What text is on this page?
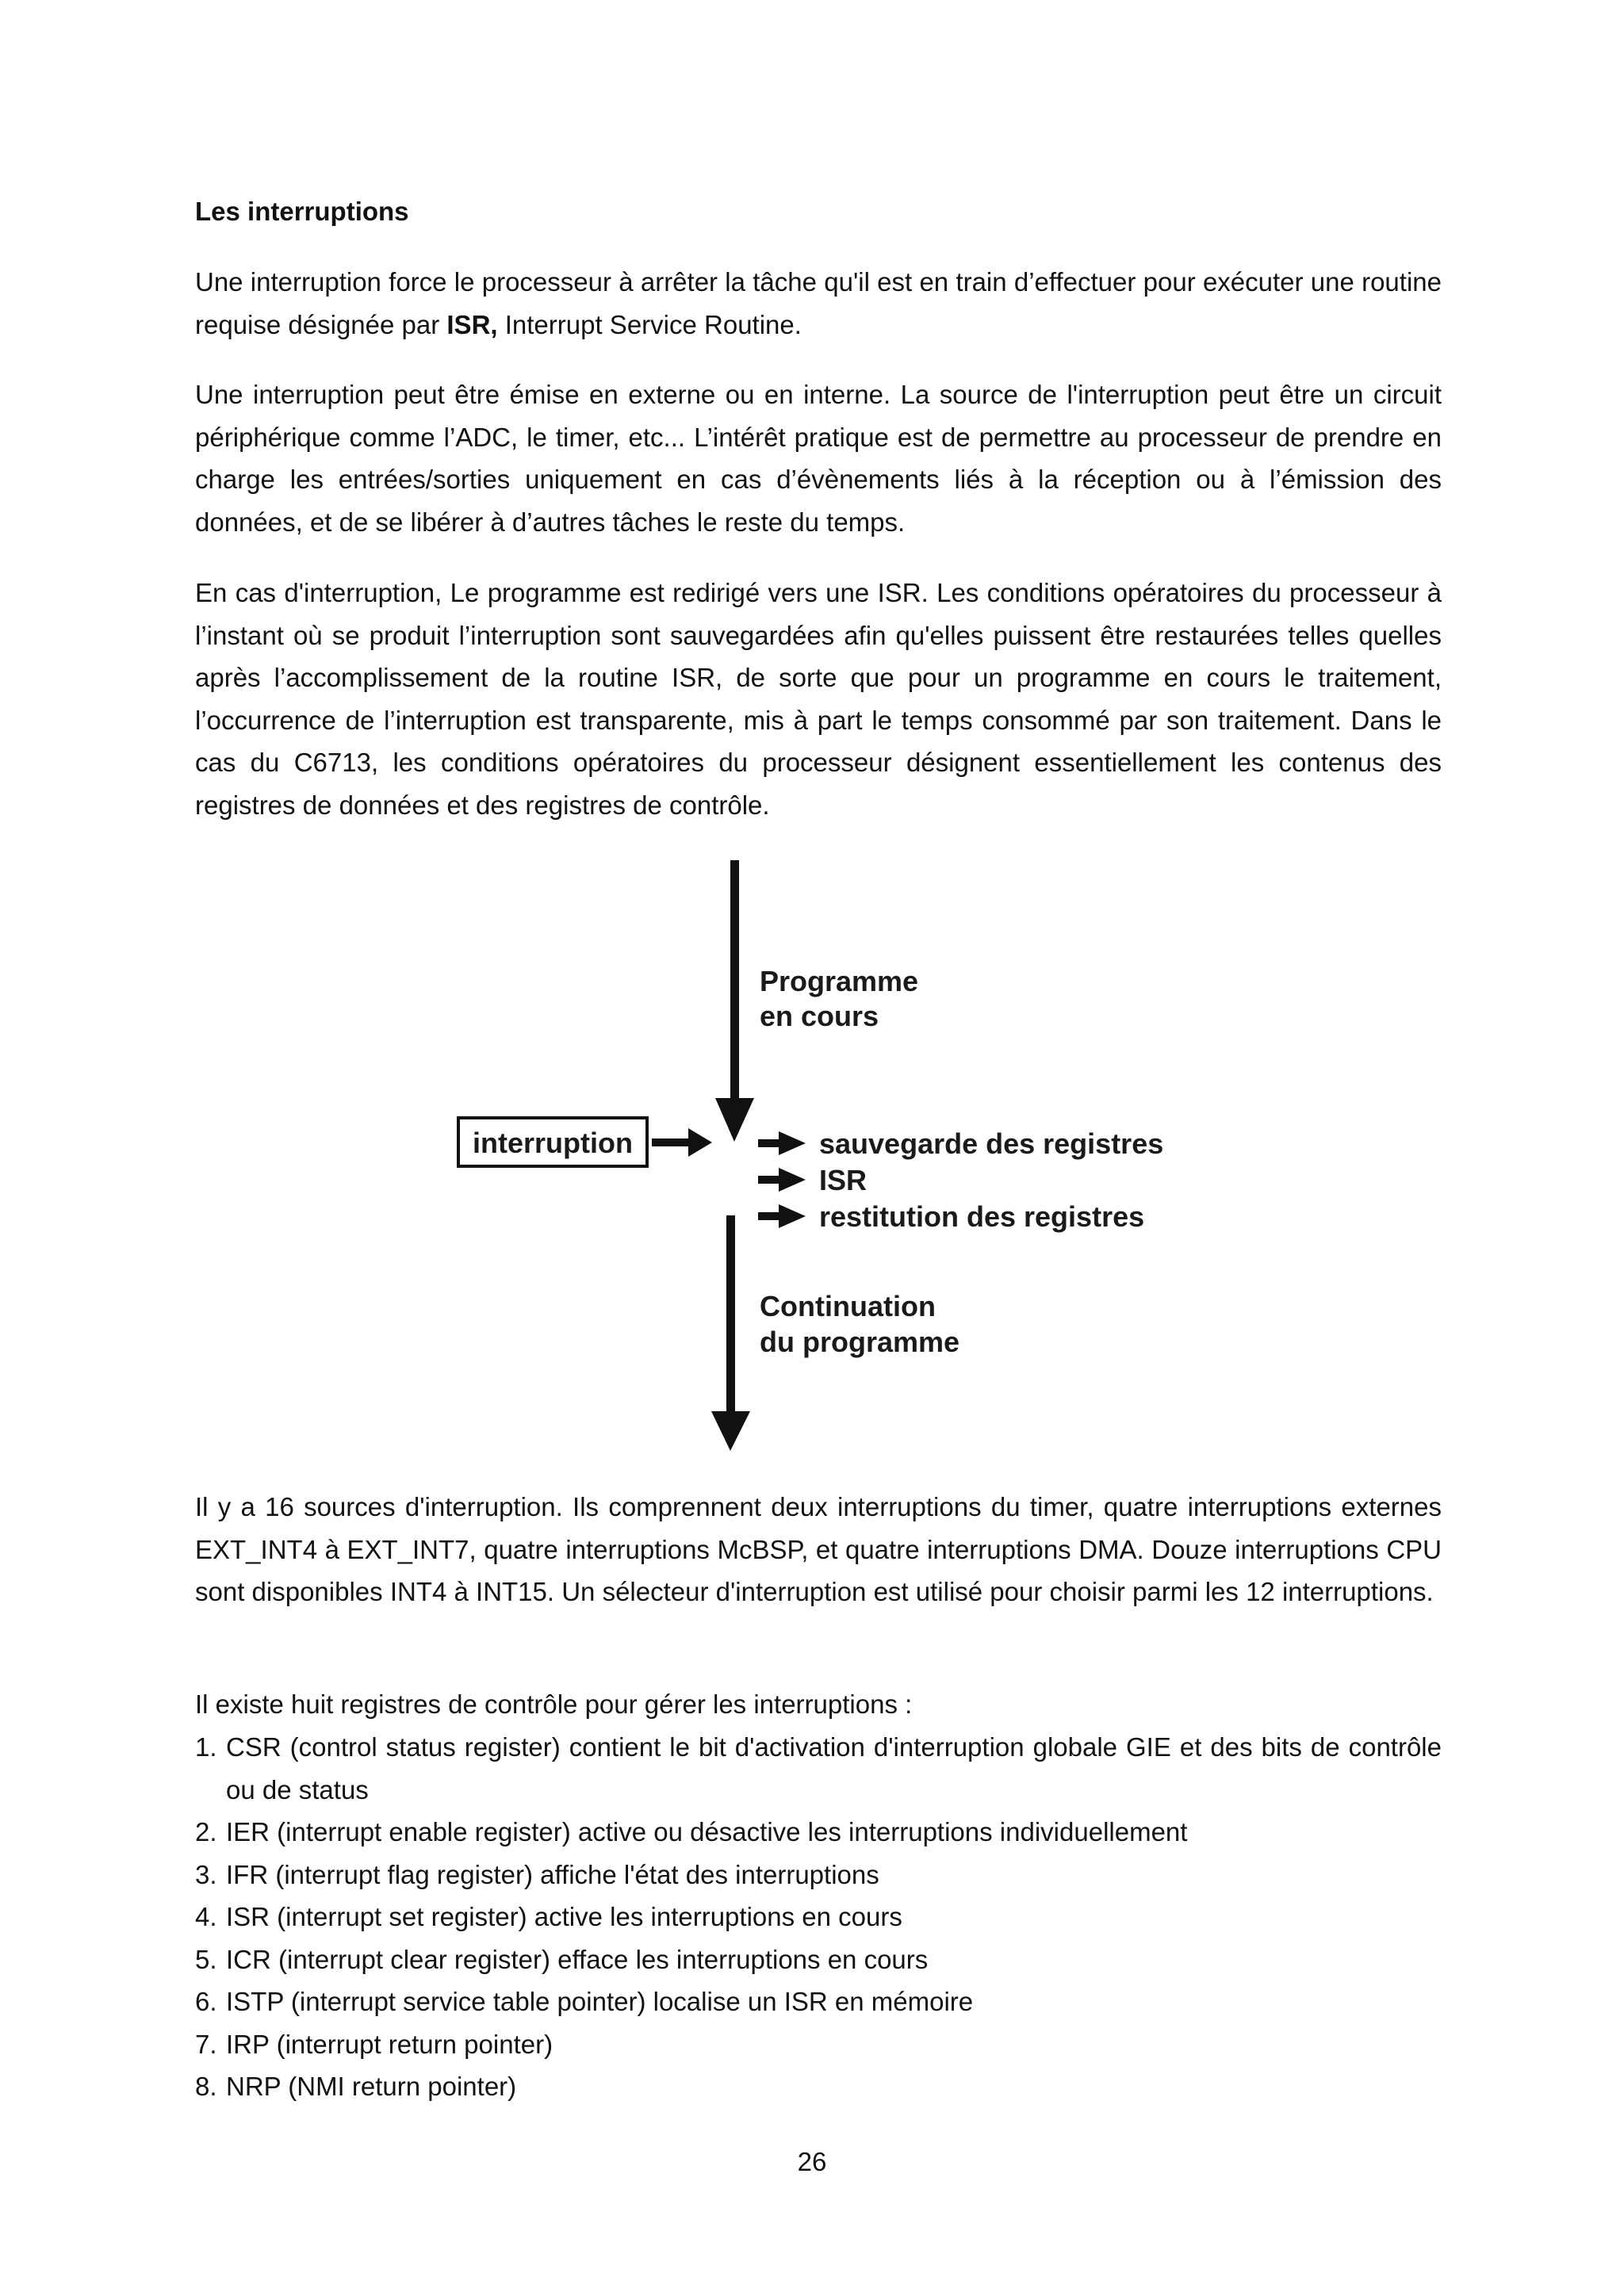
Les interruptions
Une interruption force le processeur à arrêter la tâche qu'il est en train d’effectuer pour exécuter une routine requise désignée par ISR, Interrupt Service Routine.
Une interruption peut être émise en externe ou en interne. La source de l'interruption peut être un circuit périphérique comme l’ADC, le timer, etc... L’intérêt pratique est de permettre au processeur de prendre en charge les entrées/sorties uniquement en cas d’évènements liés à la réception ou à l’émission des données, et de se libérer à d’autres tâches le reste du temps.
En cas d'interruption, Le programme est redirigé vers une ISR. Les conditions opératoires du processeur à l’instant où se produit l’interruption sont sauvegardées afin qu'elles puissent être restaurées telles quelles après l’accomplissement de la routine ISR, de sorte que pour un programme en cours le traitement, l’occurrence de l’interruption est transparente, mis à part le temps consommé par son traitement. Dans le cas du C6713, les conditions opératoires du processeur désignent essentiellement les contenus des registres de données et des registres de contrôle.
Programme
en cours
interruption	sauvegarde des registres
ISR
restitution des registres
Continuation
du programme
Il y a 16 sources d'interruption. Ils comprennent deux interruptions du timer, quatre interruptions externes EXT_INT4 à EXT_INT7, quatre interruptions McBSP, et quatre interruptions DMA. Douze interruptions CPU sont disponibles INT4 à INT15. Un sélecteur d'interruption est utilisé pour choisir parmi les 12 interruptions.
Il existe huit registres de contrôle pour gérer les interruptions :
1. CSR (control status register) contient le bit d'activation d'interruption globale GIE et des bits de contrôle ou de status
2. IER (interrupt enable register) active ou désactive les interruptions individuellement
3. IFR (interrupt flag register) affiche l'état des interruptions
4. ISR (interrupt set register) active les interruptions en cours
5. ICR (interrupt clear register) efface les interruptions en cours
6. ISTP (interrupt service table pointer) localise un ISR en mémoire
7. IRP (interrupt return pointer)
8. NRP (NMI return pointer)
26
